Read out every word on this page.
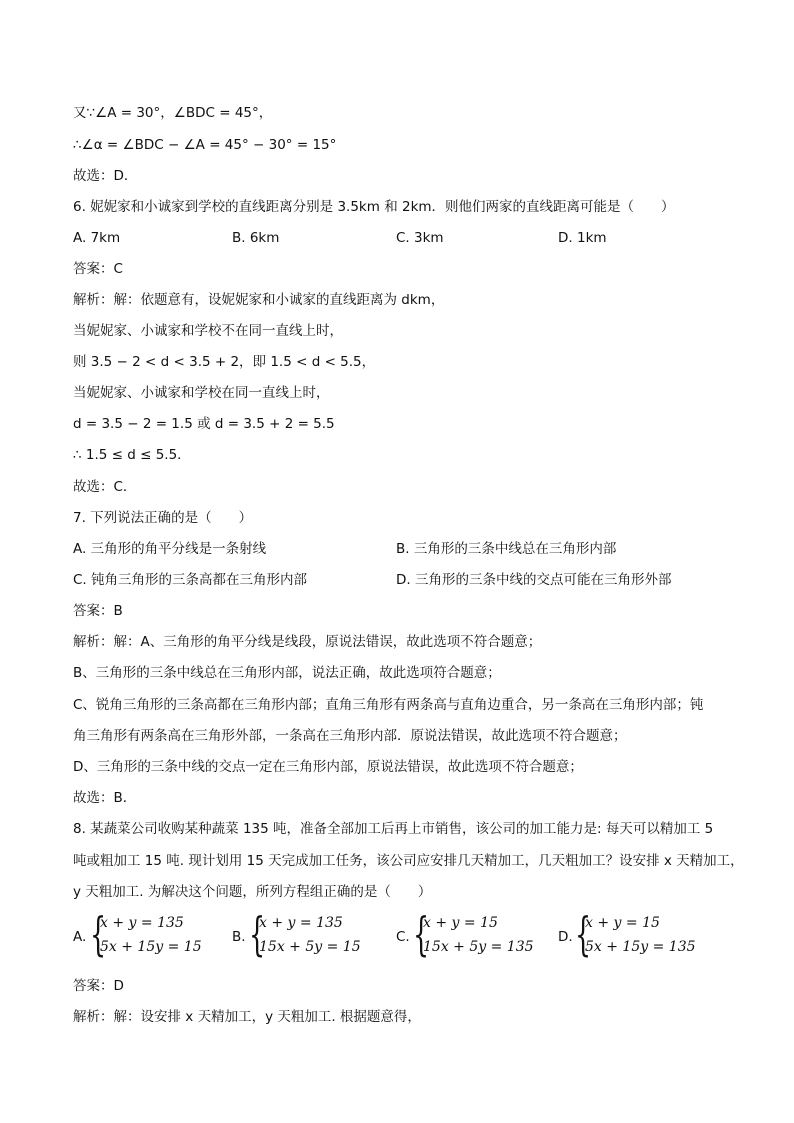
又∵∠A = 30°，∠BDC = 45°，
∴∠α = ∠BDC − ∠A = 45° − 30° = 15°
故选：D．
6. 妮妮家和小诚家到学校的直线距离分别是 3.5km 和 2km．则他们两家的直线距离可能是（　　）
A. 7km	B. 6km	C. 3km	D. 1km
答案：C
解析：解：依题意有，设妮妮家和小诚家的直线距离为 dkm，
当妮妮家、小诚家和学校不在同一直线上时，
则 3.5 − 2 < d < 3.5 + 2，即 1.5 < d < 5.5，
当妮妮家、小诚家和学校在同一直线上时，
d = 3.5 − 2 = 1.5 或 d = 3.5 + 2 = 5.5
∴ 1.5 ≤ d ≤ 5.5．
故选：C．
7. 下列说法正确的是（　　）
A. 三角形的角平分线是一条射线	B. 三角形的三条中线总在三角形内部
C. 钝角三角形的三条高都在三角形内部	D. 三角形的三条中线的交点可能在三角形外部
答案：B
解析：解：A、三角形的角平分线是线段，原说法错误，故此选项不符合题意；
B、三角形的三条中线总在三角形内部，说法正确，故此选项符合题意；
C、锐角三角形的三条高都在三角形内部；直角三角形有两条高与直角边重合，另一条高在三角形内部；钝
角三角形有两条高在三角形外部，一条高在三角形内部．原说法错误，故此选项不符合题意；
D、三角形的三条中线的交点一定在三角形内部，原说法错误，故此选项不符合题意；
故选：B．
8. 某蔬菜公司收购某种蔬菜 135 吨，准备全部加工后再上市销售，该公司的加工能力是: 每天可以精加工 5
吨或粗加工 15 吨. 现计划用 15 天完成加工任务，该公司应安排几天精加工，几天粗加工？设安排 x 天精加工，
y 天粗加工. 为解决这个问题，所列方程组正确的是（　　）
A. {
x + y = 135
5x + 15y = 15
B. {
x + y = 135
15x + 5y = 15
C. {
x + y = 15
15x + 5y = 135
D. {
x + y = 15
5x + 15y = 135
答案：D
解析：解：设安排 x 天精加工，y 天粗加工. 根据题意得，
